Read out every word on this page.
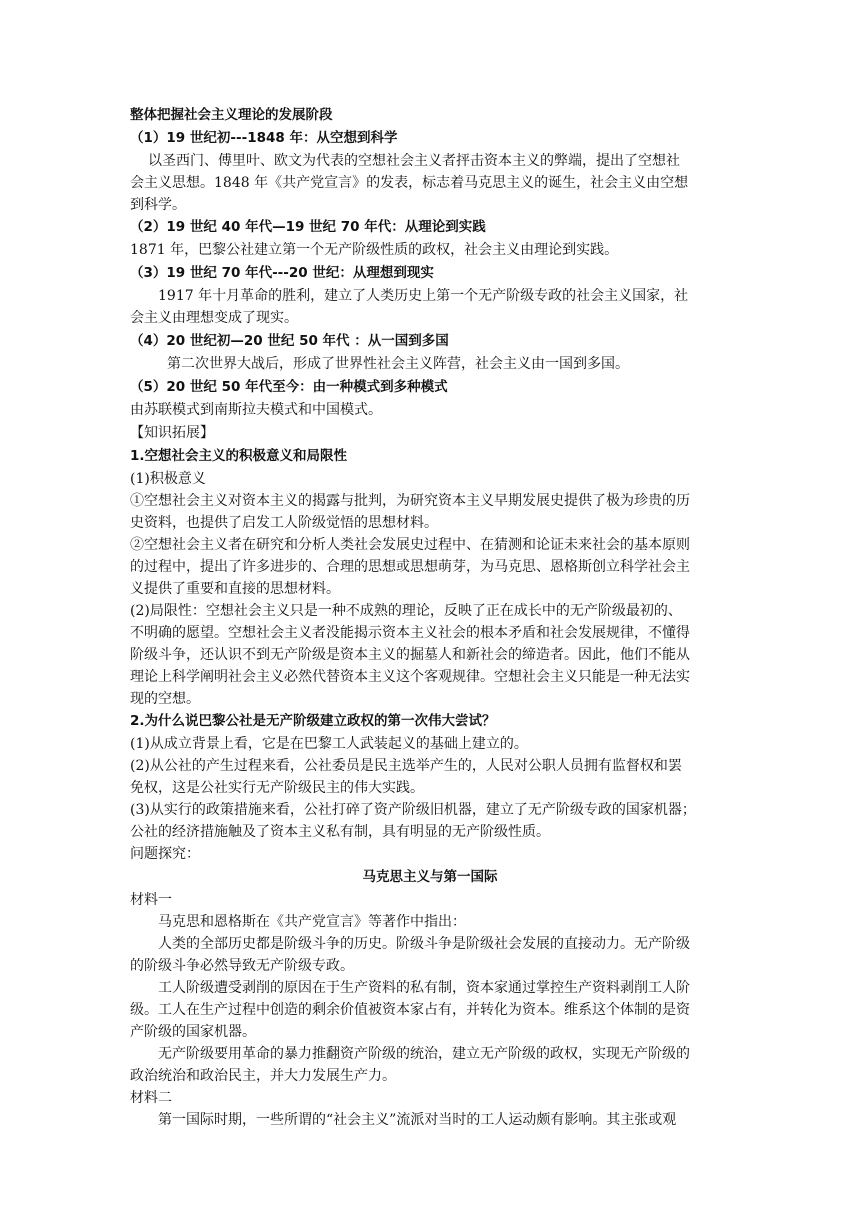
整体把握社会主义理论的发展阶段
（1）19 世纪初---1848 年：从空想到科学
以圣西门、傅里叶、欧文为代表的空想社会主义者抨击资本主义的弊端，提出了空想社
会主义思想。1848 年《共产党宣言》的发表，标志着马克思主义的诞生，社会主义由空想
到科学。
（2）19 世纪 40 年代—19 世纪 70 年代：从理论到实践
1871 年，巴黎公社建立第一个无产阶级性质的政权，社会主义由理论到实践。
（3）19 世纪 70 年代---20 世纪：从理想到现实
1917 年十月革命的胜利，建立了人类历史上第一个无产阶级专政的社会主义国家，社
会主义由理想变成了现实。
（4）20 世纪初—20 世纪 50 年代 ：从一国到多国
第二次世界大战后，形成了世界性社会主义阵营，社会主义由一国到多国。
（5）20 世纪 50 年代至今：由一种模式到多种模式
由苏联模式到南斯拉夫模式和中国模式。
【知识拓展】
1.空想社会主义的积极意义和局限性
(1)积极意义
①空想社会主义对资本主义的揭露与批判，为研究资本主义早期发展史提供了极为珍贵的历
史资料，也提供了启发工人阶级觉悟的思想材料。
②空想社会主义者在研究和分析人类社会发展史过程中、在猜测和论证未来社会的基本原则
的过程中，提出了许多进步的、合理的思想或思想萌芽，为马克思、恩格斯创立科学社会主
义提供了重要和直接的思想材料。
(2)局限性：空想社会主义只是一种不成熟的理论，反映了正在成长中的无产阶级最初的、
不明确的愿望。空想社会主义者没能揭示资本主义社会的根本矛盾和社会发展规律，不懂得
阶级斗争，还认识不到无产阶级是资本主义的掘墓人和新社会的缔造者。因此，他们不能从
理论上科学阐明社会主义必然代替资本主义这个客观规律。空想社会主义只能是一种无法实
现的空想。
2.为什么说巴黎公社是无产阶级建立政权的第一次伟大尝试？
(1)从成立背景上看，它是在巴黎工人武装起义的基础上建立的。
(2)从公社的产生过程来看，公社委员是民主选举产生的，人民对公职人员拥有监督权和罢
免权，这是公社实行无产阶级民主的伟大实践。
(3)从实行的政策措施来看，公社打碎了资产阶级旧机器，建立了无产阶级专政的国家机器；
公社的经济措施触及了资本主义私有制，具有明显的无产阶级性质。
问题探究：
马克思主义与第一国际
材料一
马克思和恩格斯在《共产党宣言》等著作中指出：
人类的全部历史都是阶级斗争的历史。阶级斗争是阶级社会发展的直接动力。无产阶级
的阶级斗争必然导致无产阶级专政。
工人阶级遭受剥削的原因在于生产资料的私有制，资本家通过掌控生产资料剥削工人阶
级。工人在生产过程中创造的剩余价值被资本家占有，并转化为资本。维系这个体制的是资
产阶级的国家机器。
无产阶级要用革命的暴力推翻资产阶级的统治，建立无产阶级的政权，实现无产阶级的
政治统治和政治民主，并大力发展生产力。
材料二
第一国际时期，一些所谓的“社会主义”流派对当时的工人运动颇有影响。其主张或观
